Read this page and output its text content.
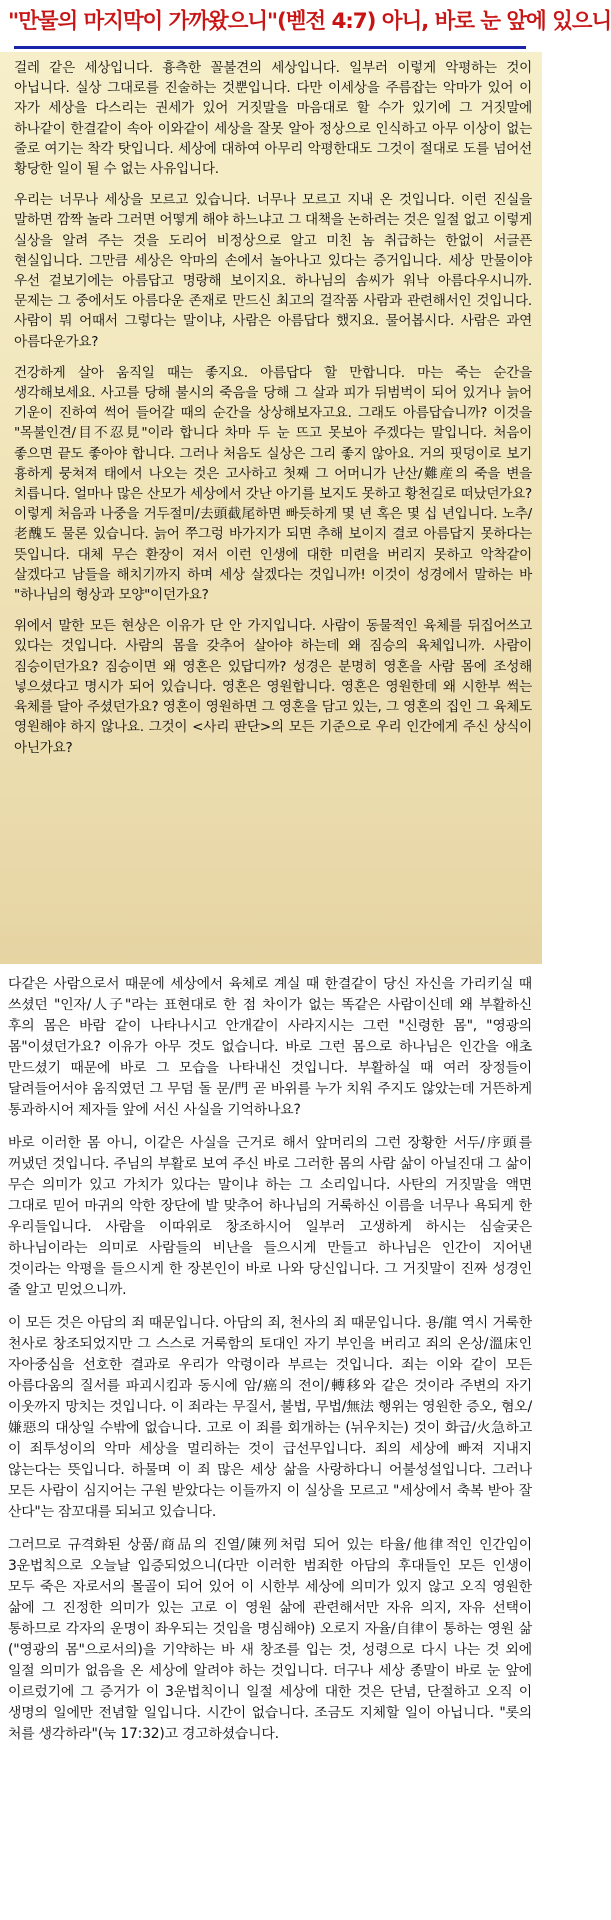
"만물의 마지막이 가까왔으니"(벧전 4:7) 아니, 바로 눈 앞에 있으니

걸레 같은 세상입니다. 흉측한 꼴불견의 세상입니다. 일부러 이렇게 악평하는 것이 아닙니다. 실상 그대로를 진술하는 것뿐입니다. 다만 이세상을 주름잡는 악마가 있어 이 자가 세상을 다스리는 권세가 있어 거짓말을 마음대로 할 수가 있기에 그 거짓말에 하나같이 한결같이 속아 이와같이 세상을 잘못 알아 정상으로 인식하고 아무 이상이 없는 줄로 여기는 착각 탓입니다. 세상에 대하여 아무리 악평한대도 그것이 절대로 도를 넘어선 황당한 일이 될 수 없는 사유입니다.

우리는 너무나 세상을 모르고 있습니다. 너무나 모르고 지내 온 것입니다. 이런 진실을 말하면 깜짝 놀라 그러면 어떻게 해야 하느냐고 그 대책을 논하려는 것은 일절 없고 이렇게 실상을 알려 주는 것을 도리어 비정상으로 알고 미친 놈 취급하는 한없이 서글픈 현실입니다. 그만큼 세상은 악마의 손에서 놀아나고 있다는 증거입니다. 세상 만물이야 우선 겉보기에는 아름답고 명랑해 보이지요. 하나님의 솜씨가 워낙 아름다우시니까. 문제는 그 중에서도 아름다운 존재로 만드신 최고의 걸작품 사람과 관련해서인 것입니다. 사람이 뭐 어때서 그렇다는 말이냐, 사람은 아름답다 했지요. 물어봅시다. 사람은 과연 아름다운가요?

건강하게 살아 움직일 때는 좋지요. 아름답다 할 만합니다. 마는 죽는 순간을 생각해보세요. 사고를 당해 불시의 죽음을 당해 그 살과 피가 뒤범벅이 되어 있거나 늙어 기운이 진하여 썩어 들어갈 때의 순간을 상상해보자고요. 그래도 아름답습니까? 이것을 "목불인견/目不忍見"이라 합니다 차마 두 눈 뜨고 못보아 주겠다는 말입니다. 처음이 좋으면 끝도 좋아야 합니다. 그러나 처음도 실상은 그리 좋지 않아요. 거의 핏덩이로 보기 흉하게 뭉쳐져 태에서 나오는 것은 고사하고 첫째 그 어머니가 난산/難産의 죽을 변을 치릅니다. 얼마나 많은 산모가 세상에서 갓난 아기를 보지도 못하고 황천길로 떠났던가요? 이렇게 처음과 나중을 거두절미/去頭截尾하면 빠듯하게 몇 년 혹은 몇 십 년입니다. 노추/老醜도 물론 있습니다. 늙어 쭈그렁 바가지가 되면 추해 보이지 결코 아름답지 못하다는 뜻입니다. 대체 무슨 환장이 져서 이런 인생에 대한 미련을 버리지 못하고 악착같이 살겠다고 남들을 해치기까지 하며 세상 살겠다는 것입니까! 이것이 성경에서 말하는 바 "하나님의 형상과 모양"이던가요?

위에서 말한 모든 현상은 이유가 단 안 가지입니다. 사람이 동물적인 육체를 뒤집어쓰고 있다는 것입니다. 사람의 몸을 갖추어 살아야 하는데 왜 짐승의 육체입니까. 사람이 짐승이던가요? 짐승이면 왜 영혼은 있답디까? 성경은 분명히 영혼을 사람 몸에 조성해 넣으셨다고 명시가 되어 있습니다. 영혼은 영원합니다. 영혼은 영원한데 왜 시한부 썩는 육체를 달아 주셨던가요? 영혼이 영원하면 그 영혼을 담고 있는, 그 영혼의 집인 그 육체도 영원해야 하지 않나요. 그것이 <사리 판단>의 모든 기준으로 우리 인간에게 주신 상식이 아닌가요?

다같은 사람으로서 때문에 세상에서 육체로 계실 때 한결같이 당신 자신을 가리키실 때 쓰셨던 "인자/人子"라는 표현대로 한 점 차이가 없는 똑같은 사람이신데 왜 부활하신 후의 몸은 바람 같이 나타나시고 안개같이 사라지시는 그런 "신령한 몸", "영광의 몸"이셨던가요? 이유가 아무 것도 없습니다. 바로 그런 몸으로 하나님은 인간을 애초 만드셨기 때문에 바로 그 모습을 나타내신 것입니다. 부활하실 때 여러 장정들이 달려들어서야 움직였던 그 무덤 돌 문/門 곧 바위를 누가 치워 주지도 않았는데 거뜬하게 통과하시어 제자들 앞에 서신 사실을 기억하나요?

바로 이러한 몸 아니, 이같은 사실을 근거로 해서 앞머리의 그런 장황한 서두/序頭를 꺼냈던 것입니다. 주님의 부활로 보여 주신 바로 그러한 몸의 사람 삶이 아닐진대 그 삶이 무슨 의미가 있고 가치가 있다는 말이냐 하는 그 소리입니다. 사탄의 거짓말을 액면 그대로 믿어 마귀의 악한 장단에 발 맞추어 하나님의 거룩하신 이름을 너무나 욕되게 한 우리들입니다. 사람을 이따위로 창조하시어 일부러 고생하게 하시는 심술궂은 하나님이라는 의미로 사람들의 비난을 들으시게 만들고 하나님은 인간이 지어낸 것이라는 악평을 들으시게 한 장본인이 바로 나와 당신입니다. 그 거짓말이 진짜 성경인 줄 알고 믿었으니까.

이 모든 것은 아담의 죄 때문입니다. 아담의 죄, 천사의 죄 때문입니다. 용/龍 역시 거룩한 천사로 창조되었지만 그 스스로 거룩함의 토대인 자기 부인을 버리고 죄의 온상/溫床인 자아중심을 선호한 결과로 우리가 악령이라 부르는 것입니다. 죄는 이와 같이 모든 아름다움의 질서를 파괴시킴과 동시에 암/癌의 전이/轉移와 같은 것이라 주변의 자기 이웃까지 망치는 것입니다. 이 죄라는 무질서, 불법, 무법/無法 행위는 영원한 증오, 혐오/嫌惡의 대상일 수밖에 없습니다. 고로 이 죄를 회개하는 (뉘우치는) 것이 화급/火急하고 이 죄투성이의 악마 세상을 멀리하는 것이 급선무입니다. 죄의 세상에 빠져 지내지 않는다는 뜻입니다. 하물며 이 죄 많은 세상 삶을 사랑하다니 어불성설입니다. 그러나 모든 사람이 심지어는 구원 받았다는 이들까지 이 실상을 모르고 "세상에서 축복 받아 잘 산다"는 잠꼬대를 되뇌고 있습니다.

그러므로 규격화된 상품/商品의 진열/陳列처럼 되어 있는 타율/他律적인 인간임이 3운법칙으로 오늘날 입증되었으니(다만 이러한 범죄한 아담의 후대들인 모든 인생이 모두 죽은 자로서의 몰골이 되어 있어 이 시한부 세상에 의미가 있지 않고 오직 영원한 삶에 그 진정한 의미가 있는 고로 이 영원 삶에 관련해서만 자유 의지, 자유 선택이 통하므로 각자의 운명이 좌우되는 것임을 명심해야) 오로지 자율/自律이 통하는 영원 삶("영광의 몸"으로서의)을 기약하는 바 새 창조를 입는 것, 성령으로 다시 나는 것 외에 일절 의미가 없음을 온 세상에 알려야 하는 것입니다. 더구나 세상 종말이 바로 눈 앞에 이르렀기에 그 증거가 이 3운법칙이니 일절 세상에 대한 것은 단념, 단절하고 오직 이 생명의 일에만 전념할 일입니다. 시간이 없습니다. 조금도 지체할 일이 아닙니다. "롯의 처를 생각하라"(눅 17:32)고 경고하셨습니다.
